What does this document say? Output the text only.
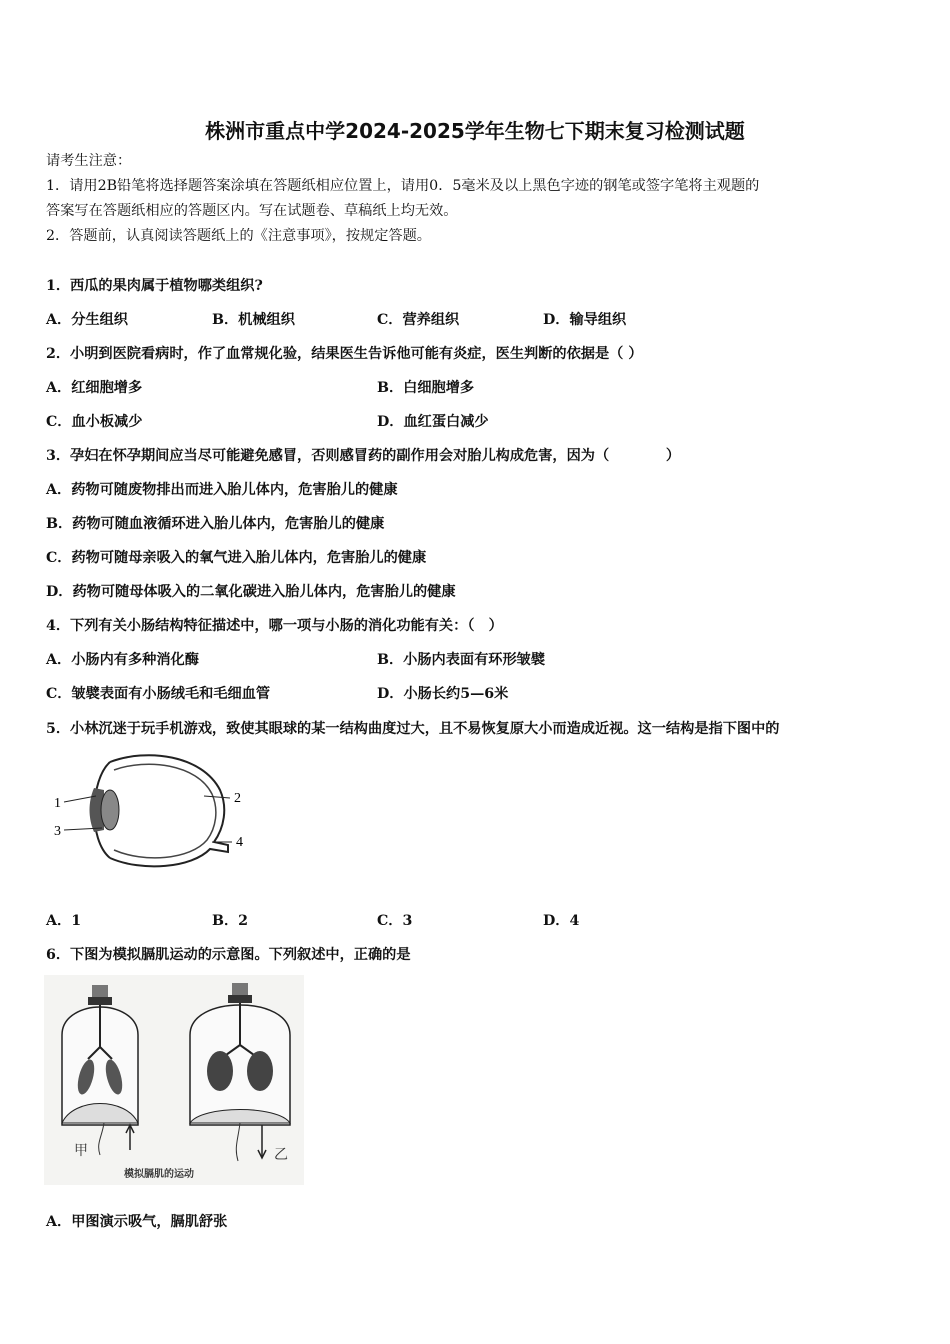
株洲市重点中学2024-2025学年生物七下期末复习检测试题
请考生注意：
1．请用2B铅笔将选择题答案涂填在答题纸相应位置上，请用0．5毫米及以上黑色字迹的钢笔或签字笔将主观题的
答案写在答题纸相应的答题区内。写在试题卷、草稿纸上均无效。
2．答题前，认真阅读答题纸上的《注意事项》，按规定答题。
1．西瓜的果肉属于植物哪类组织?
A．分生组织	B．机械组织	C．营养组织	D．输导组织
2．小明到医院看病时，作了血常规化验，结果医生告诉他可能有炎症，医生判断的依据是（ ）
A．红细胞增多	B．白细胞增多
C．血小板减少	D．血红蛋白减少
3．孕妇在怀孕期间应当尽可能避免感冒，否则感冒药的副作用会对胎儿构成危害，因为（　　　　）
A．药物可随废物排出而进入胎儿体内，危害胎儿的健康
B．药物可随血液循环进入胎儿体内，危害胎儿的健康
C．药物可随母亲吸入的氧气进入胎儿体内，危害胎儿的健康
D．药物可随母体吸入的二氧化碳进入胎儿体内，危害胎儿的健康
4．下列有关小肠结构特征描述中，哪一项与小肠的消化功能有关：（　）
A．小肠内有多种消化酶	B．小肠内表面有环形皱襞
C．皱襞表面有小肠绒毛和毛细血管	D．小肠长约5—6米
5．小林沉迷于玩手机游戏，致使其眼球的某一结构曲度过大，且不易恢复原大小而造成近视。这一结构是指下图中的
1
3
2
4
A．1	B．2	C．3	D．4
6．下图为模拟膈肌运动的示意图。下列叙述中，正确的是
甲	乙
模拟膈肌的运动
A．甲图演示吸气，膈肌舒张
